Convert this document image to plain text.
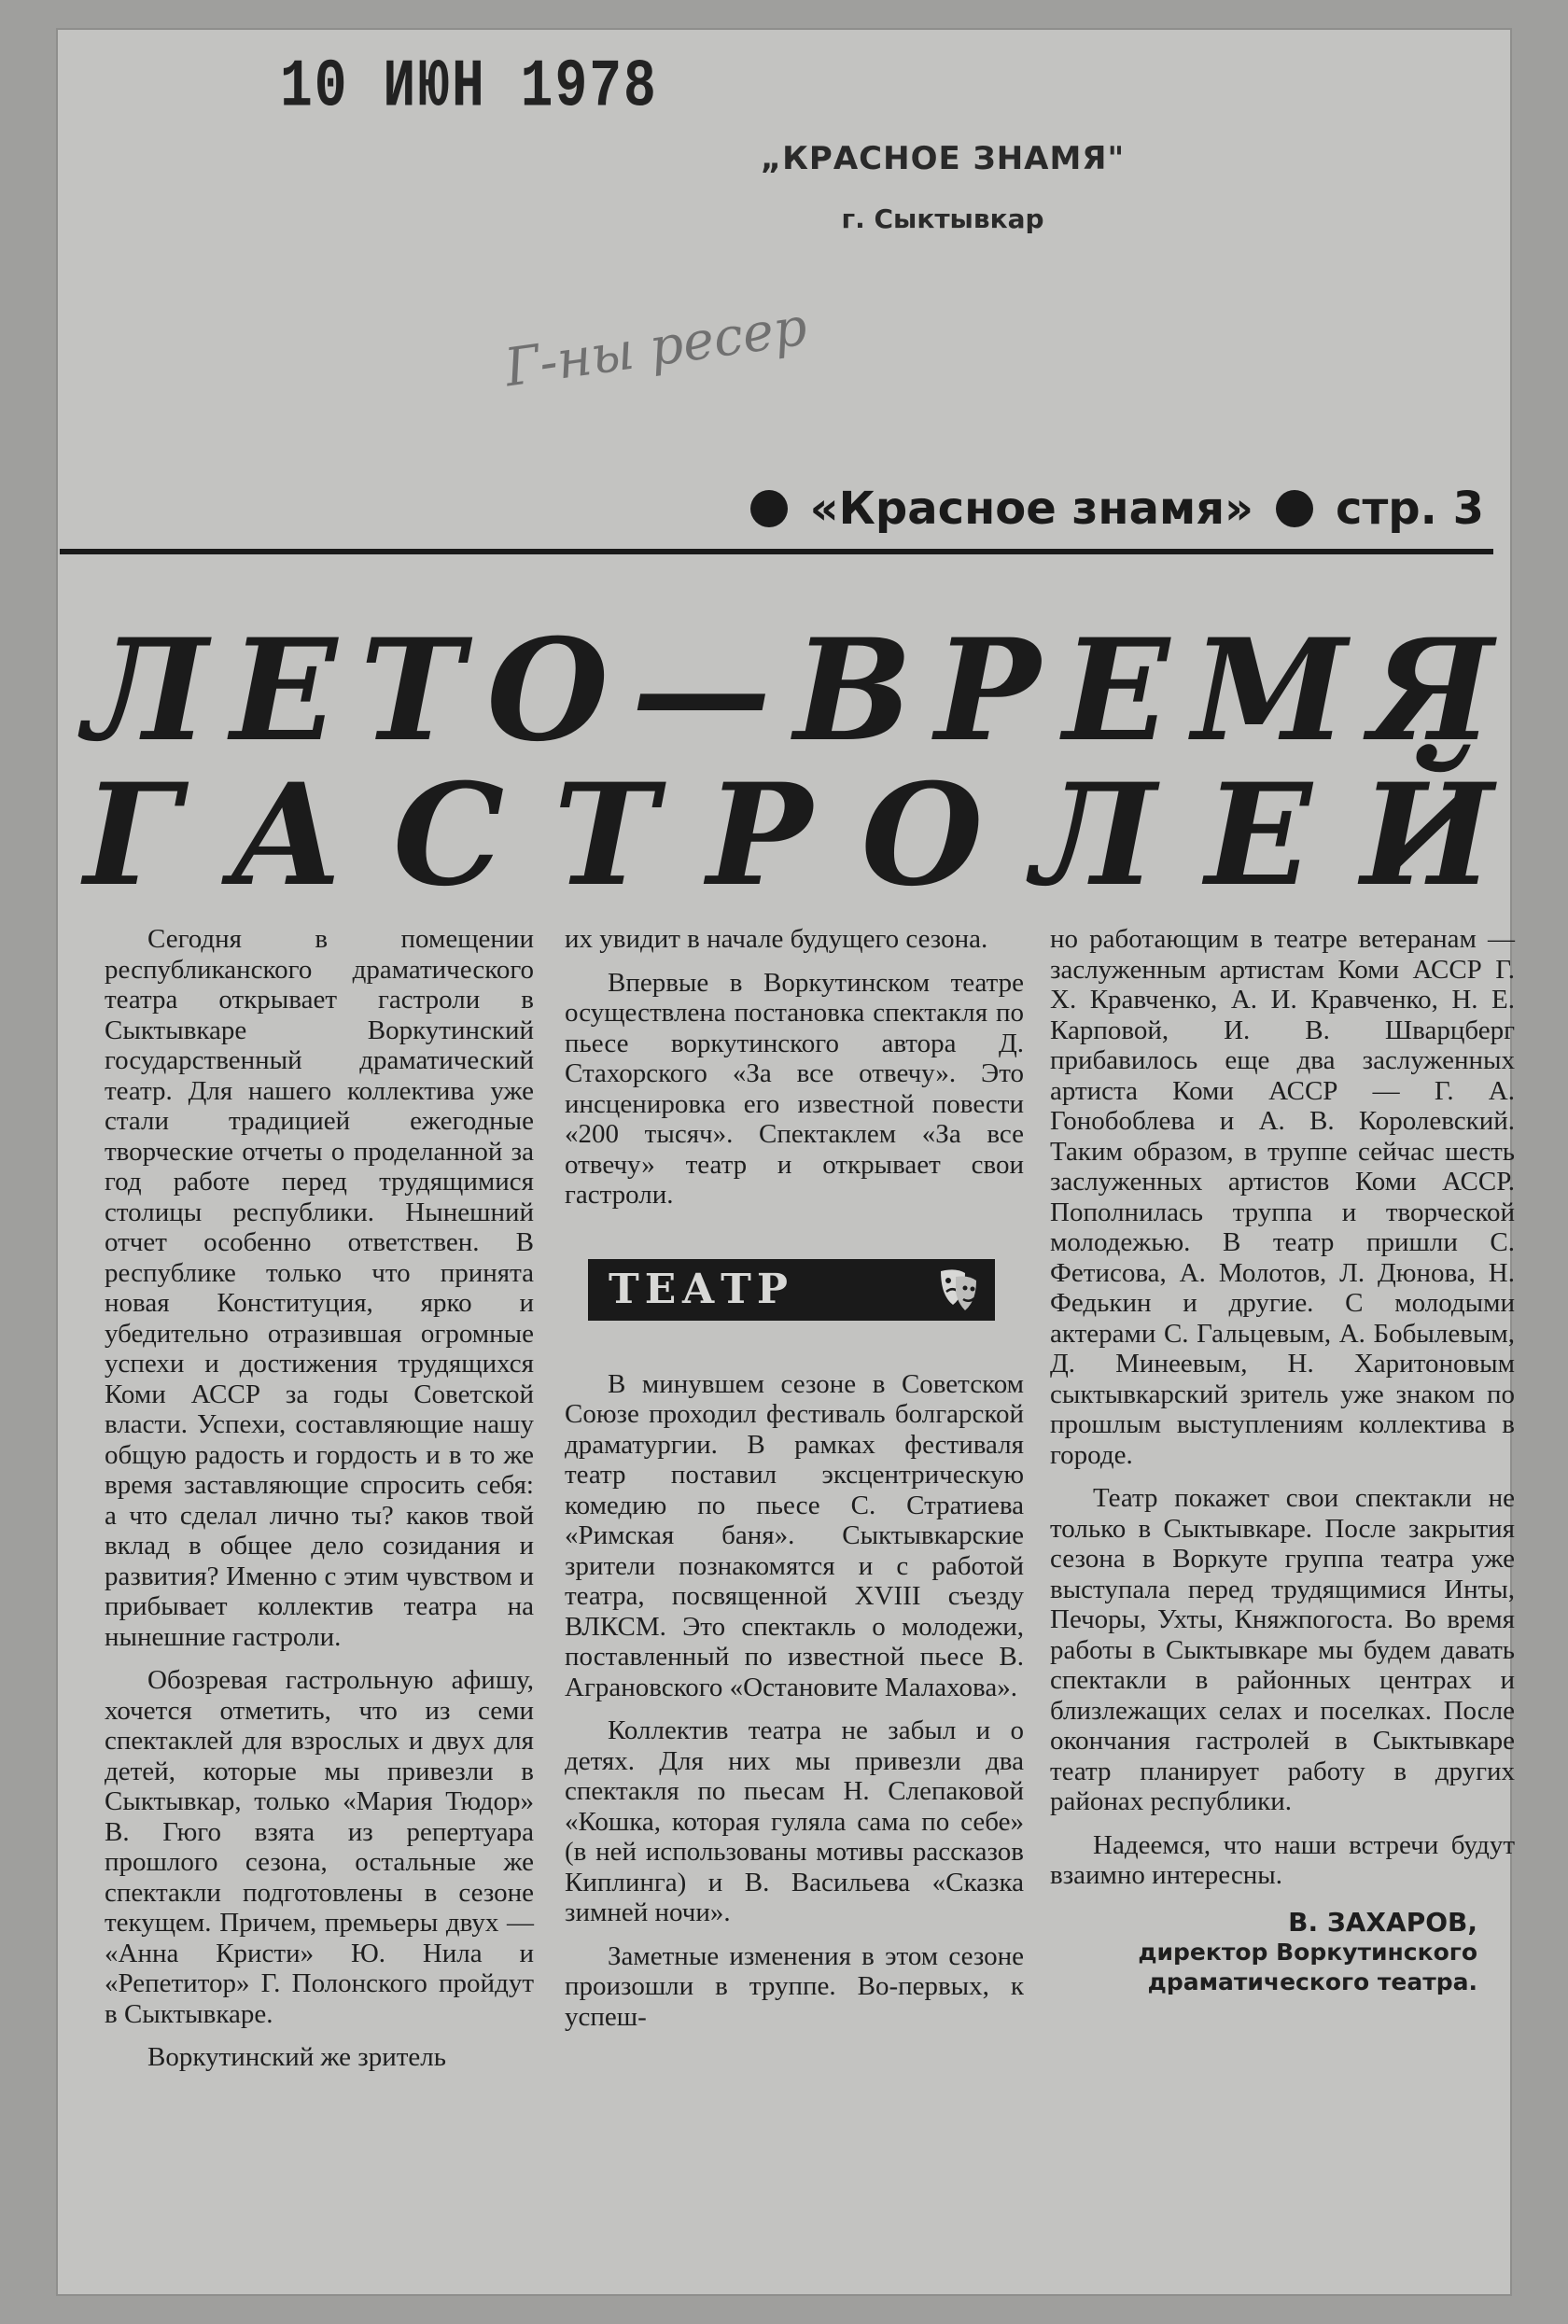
10 ИЮН 1978
„КРАСНОЕ ЗНАМЯ"
г. Сыктывкар
Г-ны ресер
«Красное знамя» стр. 3
Л Е Т О — В Р Е М Я
Г А С Т Р О Л Е Й

Сегодня в помещении республиканского драматического театра открывает гастроли в Сыктывкаре Воркутинский государственный драматический театр. Для нашего коллектива уже стали традицией ежегодные творческие отчеты о проделанной за год работе перед трудящимися столицы республики. Нынешний отчет особенно ответствен. В республике только что принята новая Конституция, ярко и убедительно отразившая огромные успехи и достижения трудящихся Коми АССР за годы Советской власти. Успехи, составляющие нашу общую радость и гордость и в то же время заставляющие спросить себя: а что сделал лично ты? каков твой вклад в общее дело созидания и развития? Именно с этим чувством и прибывает коллектив театра на нынешние гастроли.

Обозревая гастрольную афишу, хочется отметить, что из семи спектаклей для взрослых и двух для детей, которые мы привезли в Сыктывкар, только «Мария Тюдор» В. Гюго взята из репертуара прошлого сезона, остальные же спектакли подготовлены в сезоне текущем. Причем, премьеры двух — «Анна Кристи» Ю. Нила и «Репетитор» Г. Полонского пройдут в Сыктывкаре.

Воркутинский же зритель

их увидит в начале будущего сезона.

Впервые в Воркутинском театре осуществлена постановка спектакля по пьесе воркутинского автора Д. Стахорского «За все отвечу». Это инсценировка его известной повести «200 тысяч». Спектаклем «За все отвечу» театр и открывает свои гастроли.

ТЕАТР

В минувшем сезоне в Советском Союзе проходил фестиваль болгарской драматургии. В рамках фестиваля театр поставил эксцентрическую комедию по пьесе С. Стратиева «Римская баня». Сыктывкарские зрители познакомятся и с работой театра, посвященной XVIII съезду ВЛКСМ. Это спектакль о молодежи, поставленный по известной пьесе В. Аграновского «Остановите Малахова».

Коллектив театра не забыл и о детях. Для них мы привезли два спектакля по пьесам Н. Слепаковой «Кошка, которая гуляла сама по себе» (в ней использованы мотивы рассказов Киплинга) и В. Васильева «Сказка зимней ночи».

Заметные изменения в этом сезоне произошли в труппе. Во-первых, к успеш-

но работающим в театре ветеранам — заслуженным артистам Коми АССР Г. Х. Кравченко, А. И. Кравченко, Н. Е. Карповой, И. В. Шварцберг прибавилось еще два заслуженных артиста Коми АССР — Г. А. Гонобоблева и А. В. Королевский. Таким образом, в труппе сейчас шесть заслуженных артистов Коми АССР. Пополнилась труппа и творческой молодежью. В театр пришли С. Фетисова, А. Молотов, Л. Дюнова, Н. Федькин и другие. С молодыми актерами С. Гальцевым, А. Бобылевым, Д. Минеевым, Н. Харитоновым сыктывкарский зритель уже знаком по прошлым выступлениям коллектива в городе.

Театр покажет свои спектакли не только в Сыктывкаре. После закрытия сезона в Воркуте группа театра уже выступала перед трудящимися Инты, Печоры, Ухты, Княжпогоста. Во время работы в Сыктывкаре мы будем давать спектакли в районных центрах и близлежащих селах и поселках. После окончания гастролей в Сыктывкаре театр планирует работу в других районах республики.

Надеемся, что наши встречи будут взаимно интересны.

В. ЗАХАРОВ,
директор Воркутинского
драматического театра.
